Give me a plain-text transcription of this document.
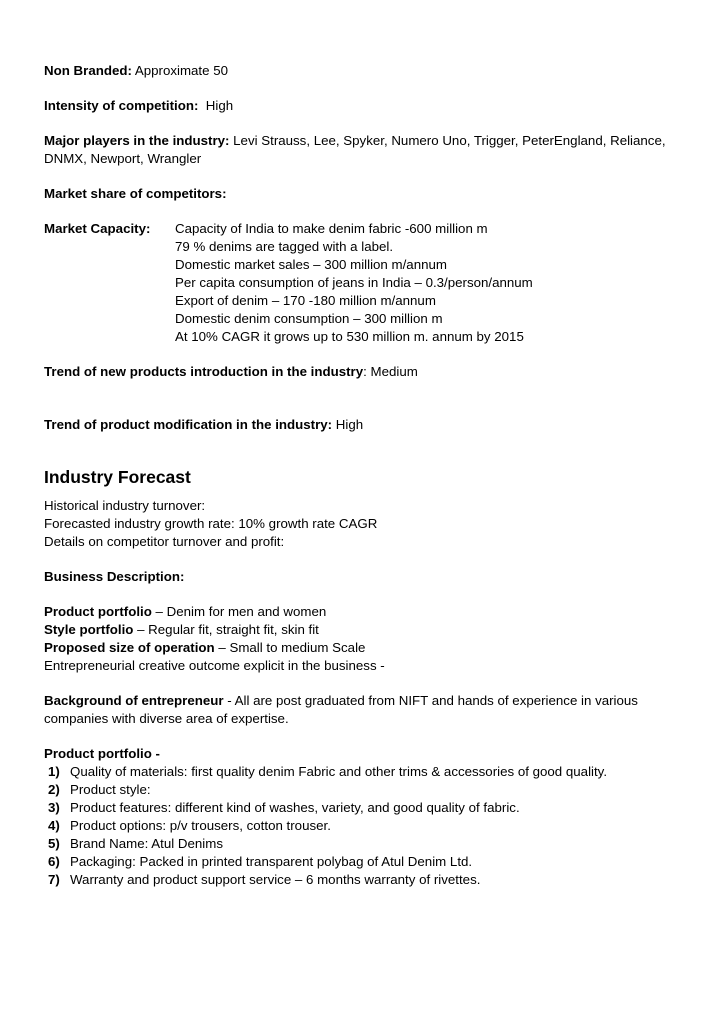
Non Branded: Approximate 50

Intensity of competition:  High

Major players in the industry: Levi Strauss, Lee, Spyker, Numero Uno, Trigger, PeterEngland, Reliance, DNMX, Newport, Wrangler

Market share of competitors:

Market Capacity:	Capacity of India to make denim fabric -600 million m
79 % denims are tagged with a label.
Domestic market sales – 300 million m/annum
Per capita consumption of jeans in India – 0.3/person/annum
Export of denim – 170 -180 million m/annum
Domestic denim consumption – 300 million m
At 10% CAGR it grows up to 530 million m. annum by 2015

Trend of new products introduction in the industry: Medium

Trend of product modification in the industry: High

Industry Forecast
Historical industry turnover:
Forecasted industry growth rate: 10% growth rate CAGR
Details on competitor turnover and profit:

Business Description:

Product portfolio – Denim for men and women

Style portfolio – Regular fit, straight fit, skin fit

Proposed size of operation – Small to medium Scale

Entrepreneurial creative outcome explicit in the business -

Background of entrepreneur - All are post graduated from NIFT and hands of experience in various companies with diverse area of expertise.

Product portfolio -

1) Quality of materials: first quality denim Fabric and other trims & accessories of good quality.
2) Product style:
3) Product features: different kind of washes, variety, and good quality of fabric.
4) Product options: p/v trousers, cotton trouser.
5) Brand Name: Atul Denims
6) Packaging: Packed in printed transparent polybag of Atul Denim Ltd.
7) Warranty and product support service – 6 months warranty of rivettes.
